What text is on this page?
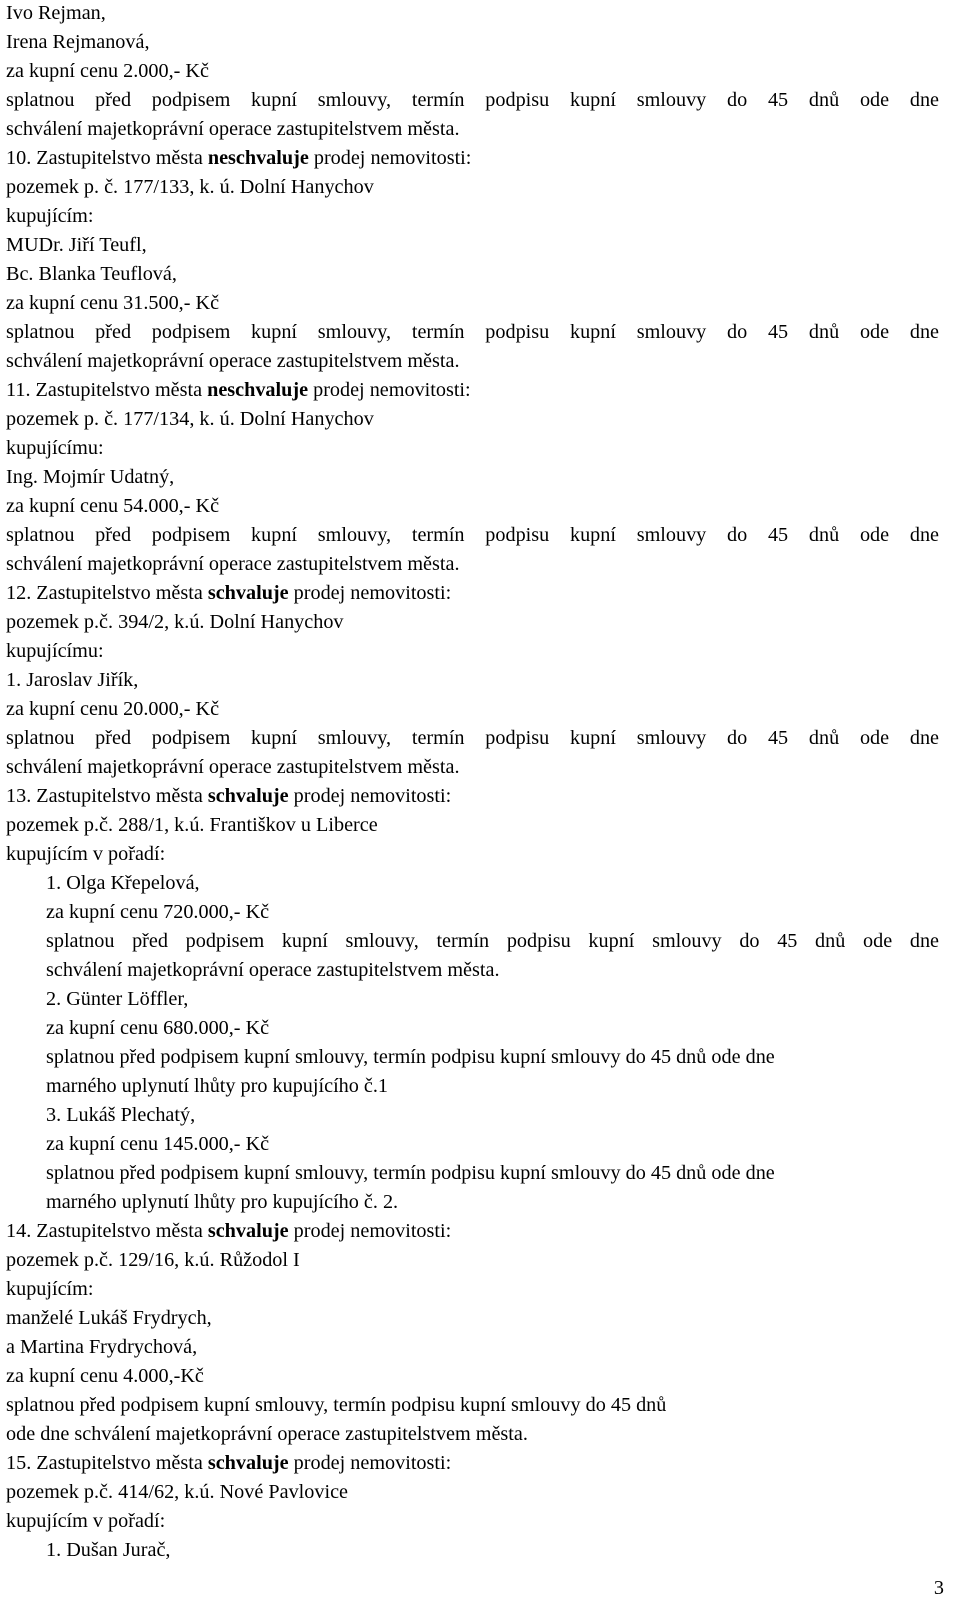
Ivo Rejman,
Irena Rejmanová,
za kupní cenu 2.000,- Kč
splatnou před podpisem kupní smlouvy, termín podpisu kupní smlouvy do 45 dnů ode dne
schválení majetkoprávní operace zastupitelstvem města.
10. Zastupitelstvo města neschvaluje prodej nemovitosti:
pozemek p. č. 177/133, k. ú. Dolní Hanychov
kupujícím:
MUDr. Jiří Teufl,
Bc. Blanka Teuflová,
za kupní cenu 31.500,- Kč
splatnou před podpisem kupní smlouvy, termín podpisu kupní smlouvy do 45 dnů ode dne
schválení majetkoprávní operace zastupitelstvem města.
11. Zastupitelstvo města neschvaluje prodej nemovitosti:
pozemek p. č. 177/134, k. ú. Dolní Hanychov
kupujícímu:
Ing. Mojmír Udatný,
za kupní cenu 54.000,- Kč
splatnou před podpisem kupní smlouvy, termín podpisu kupní smlouvy do 45 dnů ode dne
schválení majetkoprávní operace zastupitelstvem města.
12. Zastupitelstvo města schvaluje prodej nemovitosti:
pozemek p.č. 394/2, k.ú. Dolní Hanychov
kupujícímu:
1. Jaroslav Jiřík,
za kupní cenu 20.000,- Kč
splatnou před podpisem kupní smlouvy, termín podpisu kupní smlouvy do 45 dnů ode dne
schválení majetkoprávní operace zastupitelstvem města.
13. Zastupitelstvo města schvaluje prodej nemovitosti:
pozemek p.č. 288/1, k.ú. Františkov u Liberce
kupujícím v pořadí:
1. Olga Křepelová,
za kupní cenu 720.000,- Kč
splatnou před podpisem kupní smlouvy, termín podpisu kupní smlouvy do 45 dnů ode dne
schválení majetkoprávní operace zastupitelstvem města.
2. Günter Löffler,
za kupní cenu 680.000,- Kč
splatnou před podpisem kupní smlouvy, termín podpisu kupní smlouvy do 45 dnů ode dne
marného uplynutí lhůty pro kupujícího č.1
3. Lukáš Plechatý,
za kupní cenu 145.000,- Kč
splatnou před podpisem kupní smlouvy, termín podpisu kupní smlouvy do 45 dnů ode dne
marného uplynutí lhůty pro kupujícího č. 2.
14. Zastupitelstvo města schvaluje prodej nemovitosti:
pozemek p.č. 129/16, k.ú. Růžodol I
kupujícím:
manželé Lukáš Frydrych,
a Martina Frydrychová,
za kupní cenu 4.000,-Kč
splatnou před podpisem kupní smlouvy, termín podpisu kupní smlouvy do 45 dnů
ode dne schválení majetkoprávní operace zastupitelstvem města.
15. Zastupitelstvo města schvaluje prodej nemovitosti:
pozemek p.č. 414/62, k.ú. Nové Pavlovice
kupujícím v pořadí:
1. Dušan Jurač,
3
